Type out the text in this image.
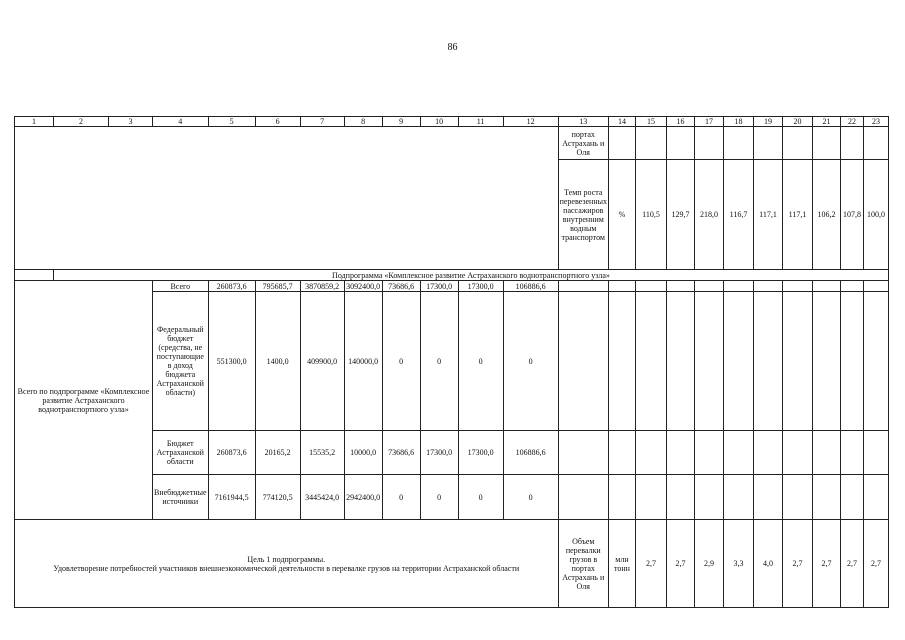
86
1	2	3	4	5	6	7	8	9	10	11	12	13	14	15	16	17	18	19	20	21	22	23
												портах Астрахань и Оля										
												Темп роста перевезенных пассажиров внутренним водным транспортом	%	110,5	129,7	218,0	116,7	117,1	117,1	106,2	107,8	100,0
	Подпрограмма «Комплексное развитие Астраханского воднотранспортного узла»																					
Всего по подпрограмме «Комплексное развитие Астраханского воднотранспортного узла»			Всего	260873,6	795685,7	3870859,2	3092400,0	73686,6	17300,0	17300,0	106886,6											
			Федеральный бюджет (средства, не поступающие в доход бюджета Астраханской области)	551300,0	1400,0	409900,0	140000,0	0	0	0	0											
			Бюджет Астраханской области	260873,6	20165,2	15535,2	10000,0	73686,6	17300,0	17300,0	106886,6											
			Внебюджетные источники	7161944,5	774120,5	3445424,0	2942400,0	0	0	0	0											

Цель 1 подпрограммы.
Удовлетворение потребностей участников внешнеэкономической деятельности в перевалке грузов на территории Астраханской области												Объем перевалки грузов в портах Астрахань и Оля	млн тонн	2,7	2,7	2,9	3,3	4,0	2,7	2,7	2,7	2,7
